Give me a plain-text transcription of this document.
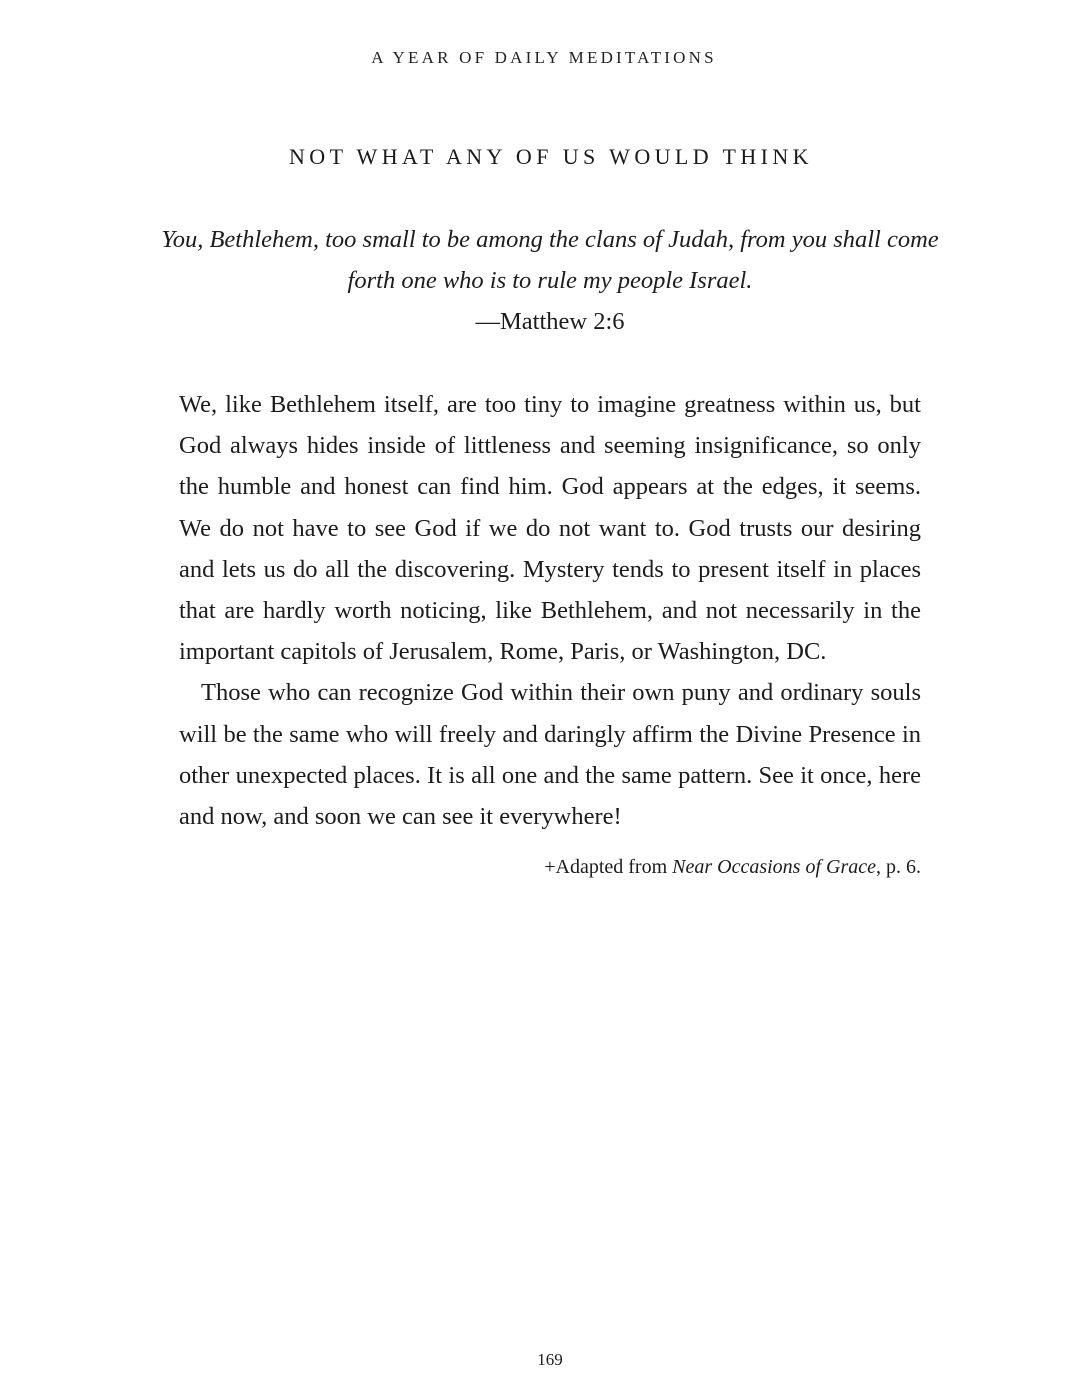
A YEAR OF DAILY MEDITATIONS
NOT WHAT ANY OF US WOULD THINK
You, Bethlehem, too small to be among the clans of Judah, from you shall come forth one who is to rule my people Israel.
—Matthew 2:6

We, like Bethlehem itself, are too tiny to imagine greatness within us, but God always hides inside of littleness and seeming insignificance, so only the humble and honest can find him. God appears at the edges, it seems. We do not have to see God if we do not want to. God trusts our desiring and lets us do all the discovering. Mystery tends to present itself in places that are hardly worth noticing, like Bethlehem, and not necessarily in the important capitols of Jerusalem, Rome, Paris, or Washington, DC.

Those who can recognize God within their own puny and ordinary souls will be the same who will freely and daringly affirm the Divine Presence in other unexpected places. It is all one and the same pattern. See it once, here and now, and soon we can see it everywhere!

+Adapted from Near Occasions of Grace, p. 6.
169
